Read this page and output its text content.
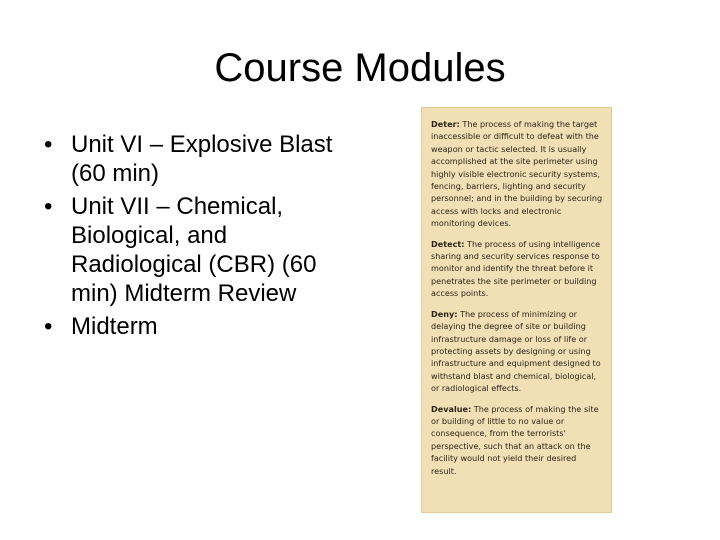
Course Modules
• Unit VI – Explosive Blast (60 min)
• Unit VII – Chemical, Biological, and Radiological (CBR) (60 min) Midterm Review
• Midterm

Deter: The process of making the target inaccessible or difficult to defeat with the weapon or tactic selected. It is usually accomplished at the site perimeter using highly visible electronic security systems, fencing, barriers, lighting and security personnel; and in the building by securing access with locks and electronic monitoring devices.

Detect: The process of using intelligence sharing and security services response to monitor and identify the threat before it penetrates the site perimeter or building access points.

Deny: The process of minimizing or delaying the degree of site or building infrastructure damage or loss of life or protecting assets by designing or using infrastructure and equipment designed to withstand blast and chemical, biological, or radiological effects.

Devalue: The process of making the site or building of little to no value or consequence, from the terrorists' perspective, such that an attack on the facility would not yield their desired result.
